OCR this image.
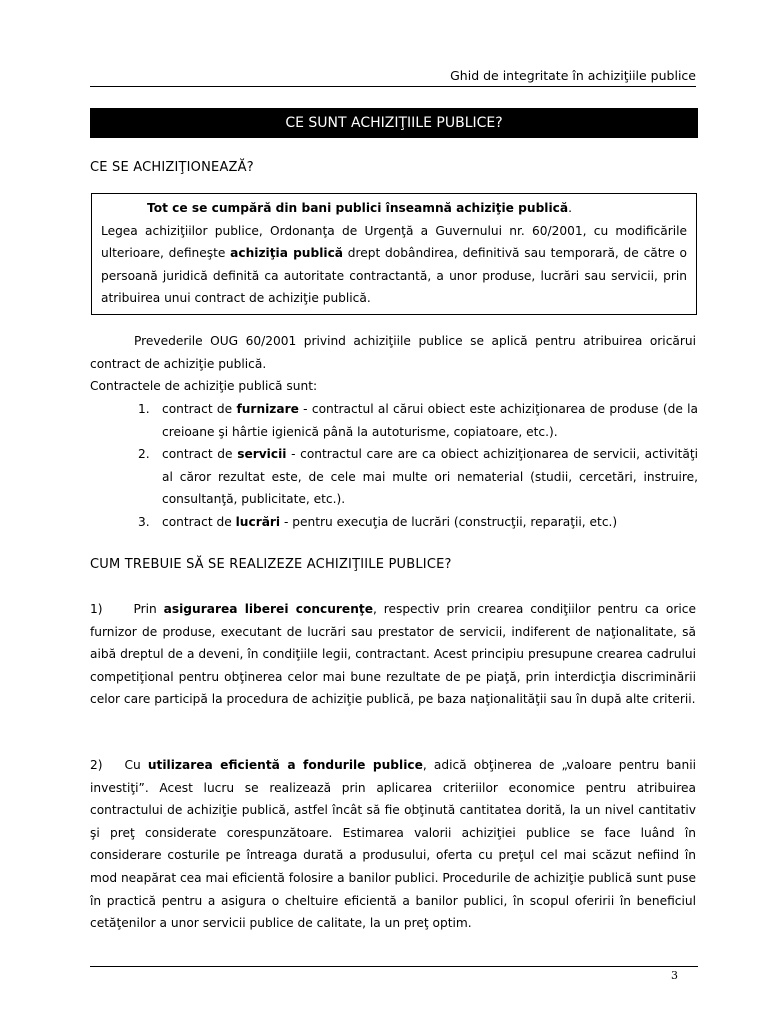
Ghid de integritate în achiziţiile publice
CE SUNT ACHIZIŢIILE PUBLICE?
CE SE ACHIZIŢIONEAZĂ?
Tot ce se cumpără din bani publici înseamnă achiziţie publică.
Legea achiziţiilor publice, Ordonanţa de Urgenţă a Guvernului nr. 60/2001, cu modificările ulterioare, defineşte achiziţia publică drept dobândirea, definitivă sau temporară, de către o persoană juridică definită ca autoritate contractantă, a unor produse, lucrări sau servicii, prin atribuirea unui contract de achiziţie publică.
Prevederile OUG 60/2001 privind achiziţiile publice se aplică pentru atribuirea oricărui contract de achiziţie publică.
Contractele de achiziţie publică sunt:
1. contract de furnizare - contractul al cărui obiect este achiziţionarea de produse (de la creioane şi hârtie igienică până la autoturisme, copiatoare, etc.).
2. contract de servicii - contractul care are ca obiect achiziţionarea de servicii, activităţi al căror rezultat este, de cele mai multe ori nematerial (studii, cercetări, instruire, consultanţă, publicitate, etc.).
3. contract de lucrări - pentru execuţia de lucrări (construcţii, reparaţii, etc.)
CUM TREBUIE SĂ SE REALIZEZE ACHIZIŢIILE PUBLICE?
1)	Prin asigurarea liberei concurenţe, respectiv prin crearea condiţiilor pentru ca orice furnizor de produse, executant de lucrări sau prestator de servicii, indiferent de naţionalitate, să aibă dreptul de a deveni, în condiţiile legii, contractant. Acest principiu presupune crearea cadrului competiţional pentru obţinerea celor mai bune rezultate de pe piaţă, prin interdicţia discriminării celor care participă la procedura de achiziţie publică, pe baza naţionalităţii sau în după alte criterii.
2) Cu utilizarea eficientă a fondurile publice, adică obţinerea de „valoare pentru banii investiţi”. Acest lucru se realizează prin aplicarea criteriilor economice pentru atribuirea contractului de achiziţie publică, astfel încât să fie obţinută cantitatea dorită, la un nivel cantitativ şi preţ considerate corespunzătoare. Estimarea valorii achiziţiei publice se face luând în considerare costurile pe întreaga durată a produsului, oferta cu preţul cel mai scăzut nefiind în mod neapărat cea mai eficientă folosire a banilor publici. Procedurile de achiziţie publică sunt puse în practică pentru a asigura o cheltuire eficientă a banilor publici, în scopul oferirii în beneficiul cetăţenilor a unor servicii publice de calitate, la un preţ optim.
3
